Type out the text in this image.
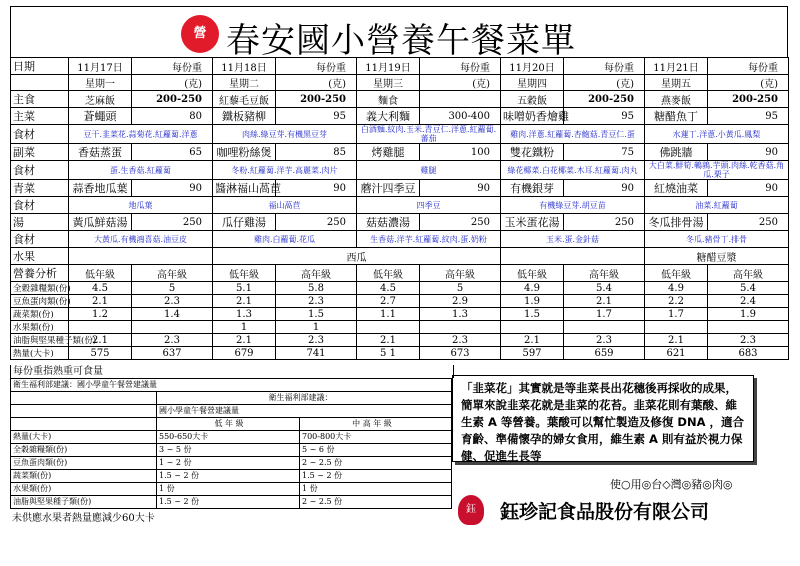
營 春安國小營養午餐菜單
日期	11月17日	每份重	11月18日	每份重	11月19日	每份重	11月20日	每份重	11月21日	每份重
	星期一	(克)	星期二	(克)	星期三	(克)	星期四	(克)	星期五	(克)
主食	芝麻飯	200-250	紅藜毛豆飯	200-250	麵食		五穀飯	200-250	燕麥飯	200-250
主菜	蒼蠅頭	80	鐵板豬柳	95	義大利麵	300-400	味噌奶香燴雞	95	糖醋魚丁	95
食材	豆干.韭菜花.蒜菊花.紅蘿蔔.洋蔥		肉絲.綠豆芽.有機黑豆芽		白酒麵.紋肉.玉米.青豆仁.洋蔥.紅蘿蔔.蕃茄		雞肉.洋蔥.紅蘿蔔.杏鮑菇.青豆仁.蛋		水蓮丁.洋蔥.小黃瓜.鳳梨	

副菜	香菇蒸蛋	65	咖哩粉絲煲	85	烤雞腿	100	雙花鐵粉	75	佛跳牆	90
食材	蛋.生香菇.紅蘿蔔		冬粉.紅蘿蔔.洋芋.高麗菜.肉片		雞腿		綠花椰菜.白花椰菜.木耳.紅蘿蔔.肉丸		大白菜.鮮筍.鵪鶉.芋頭.肉絲.乾香菇.角瓜.栗子	

青菜	蒜香地瓜葉	90	醬淋福山萵苣	90	蘑汁四季豆	90	有機銀芽	90	紅燒油菜	90
食材	地瓜葉		福山萵苣		四季豆		有機綠豆芽.胡豆苗		油菜.紅蘿蔔	

湯	黃瓜鮮菇湯	250	瓜仔雞湯	250	菇菇濃湯	250	玉米蛋花湯	250	冬瓜排骨湯	250
食材	大黃瓜.有機鴻喜菇.油豆皮		雞肉.白蘿蔔.花瓜		生香菇.洋芋.紅蘿蔔.紋肉.蛋.奶粉		玉米.蛋.金針菇		冬瓜.豬骨丁.排骨	

水果			西瓜						糖醋豆漿	
營養分析	低年級	高年級	低年級	高年級	低年級	高年級	低年級	高年級	低年級	高年級
全穀雜糧類(份)	4.5	5	5.1	5.8	4.5	5	4.9	5.4	4.9	5.4
豆魚蛋肉類(份)	2.1	2.3	2.1	2.3	2.7	2.9	1.9	2.1	2.2	2.4
蔬菜類(份)	1.2	1.4	1.3	1.5	1.1	1.3	1.5	1.7	1.7	1.9
水果類(份)			1	1						
油脂與堅果種子類(份)	2.1	2.3	2.1	2.3	2.1	2.3	2.1	2.3	2.1	2.3
熱量(大卡)	575	637	679	741	5 1	673	597	659	621	683
每份重指熟重可食量
衛生福利部建議：國小學童午餐營建議量
衛生福利部建議：
國小學童午餐營建議量
低 年 級	中 高 年 級
熱量(大卡)	550-650大卡	700-800大卡
全穀雜糧類(份)	3 ~ 5 份	5 ~ 6 份
豆魚蛋肉類(份)	1 ~ 2 份	2 ~ 2.5 份
蔬菜類(份)	1.5 ~ 2 份	1.5 ~ 2 份
水果類(份)	1 份	1 份
油脂與堅果種子類(份)	1.5 ~ 2 份	2 ~ 2.5 份
未供應水果者熱量應減少60大卡
「韭菜花」其實就是等韭菜長出花穗後再採收的成果，簡單來說韭菜花就是韭菜的花苔。韭菜花則有葉酸、維生素 A 等營養。葉酸可以幫忙製造及修復 DNA ，適合育齡、準備懷孕的婦女食用，維生素 A 則有益於視力保健、促進生長等
使○用◎台◇灣◎豬◎肉◎
鈺	鈺珍記食品股份有限公司
